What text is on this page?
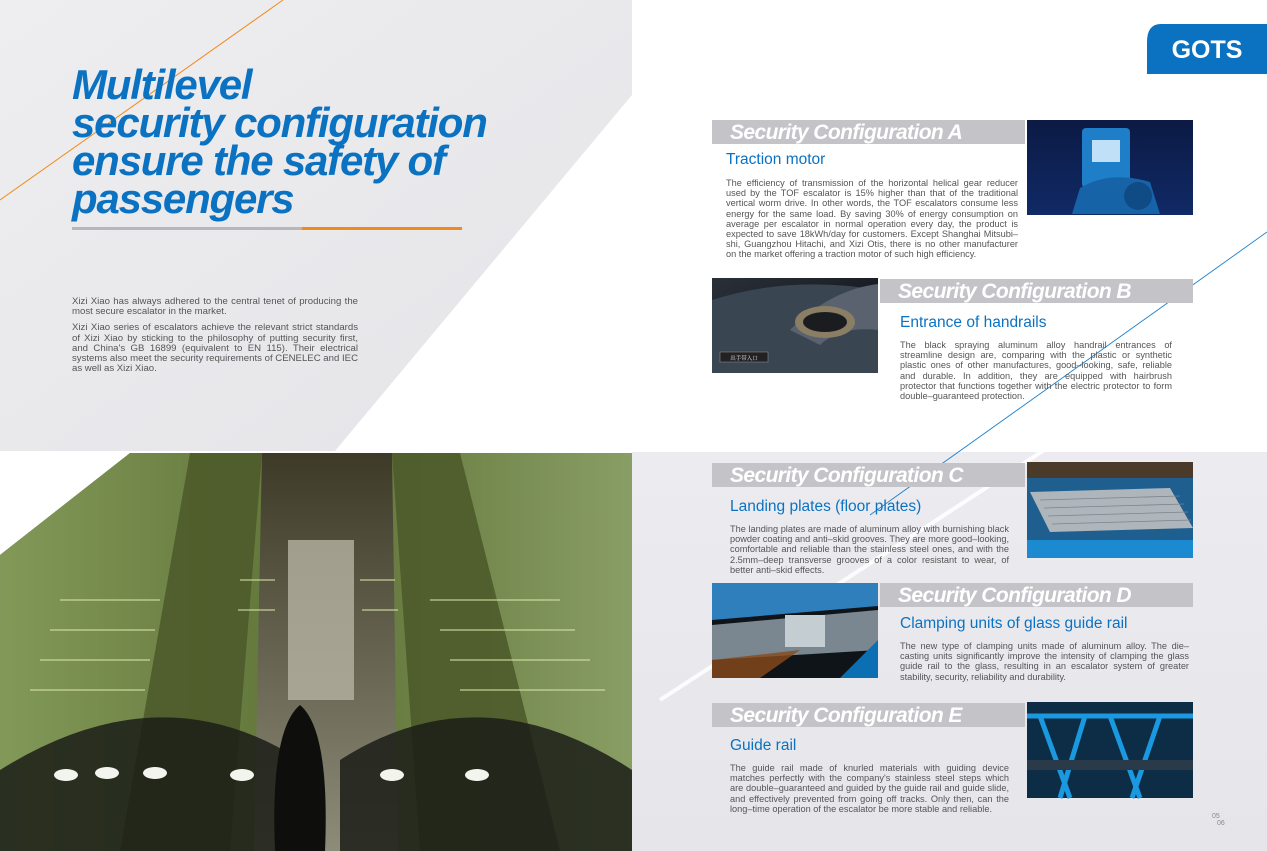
出手带入口
GOTS
Multilevel
security configuration
ensure the safety of
passengers

Xizi Xiao has always adhered to the central tenet of producing the most secure escalator in the market.

Xizi Xiao series of escalators achieve the relevant strict standards of Xizi Xiao by sticking to the philosophy of putting security first, and China's GB 16899 (equivalent to EN 115). Their electrical systems also meet the security requirements of CENELEC and IEC as well as Xizi Xiao.

Security Configuration A
Traction motor
The efficiency of transmission of the horizontal helical gear reducer used by the TOF escalator is 15% higher than that of the traditional vertical worm drive. In other words, the TOF escalators consume less energy for the same load. By saving 30% of energy consumption on average per escalator in normal operation every day, the product is expected to save 18kWh/day for customers. Except Shanghai Mitsubi–shi, Guangzhou Hitachi, and Xizi Otis, there is no other manufacturer on the market offering a traction motor of such high efficiency.
Security Configuration B
Entrance of handrails
The black spraying aluminum alloy handrail entrances of streamline design are, comparing with the plastic or synthetic plastic ones of other manufactures, good–looking, safe, reliable and durable. In addition, they are equipped with hairbrush protector that functions together with the electric protector to form double–guaranteed protection.
Security Configuration C
Landing plates (floor plates)
The landing plates are made of aluminum alloy with burnishing black powder coating and anti–skid grooves. They are more good–looking, comfortable and reliable than the stainless steel ones, and with the 2.5mm–deep transverse grooves of a color resistant to wear, of better anti–skid effects.
Security Configuration D
Clamping units of glass guide rail
The new type of clamping units made of aluminum alloy. The die–casting units significantly improve the intensity of clamping the glass guide rail to the glass, resulting in an escalator system of greater stability, security, reliability and durability.
Security Configuration E
Guide rail
The guide rail made of knurled materials with guiding device matches perfectly with the company's stainless steel steps which are double–guaranteed and guided by the guide rail and guide slide, and effectively prevented from going off tracks. Only then, can the long–time operation of the escalator be more stable and reliable.
05
06
